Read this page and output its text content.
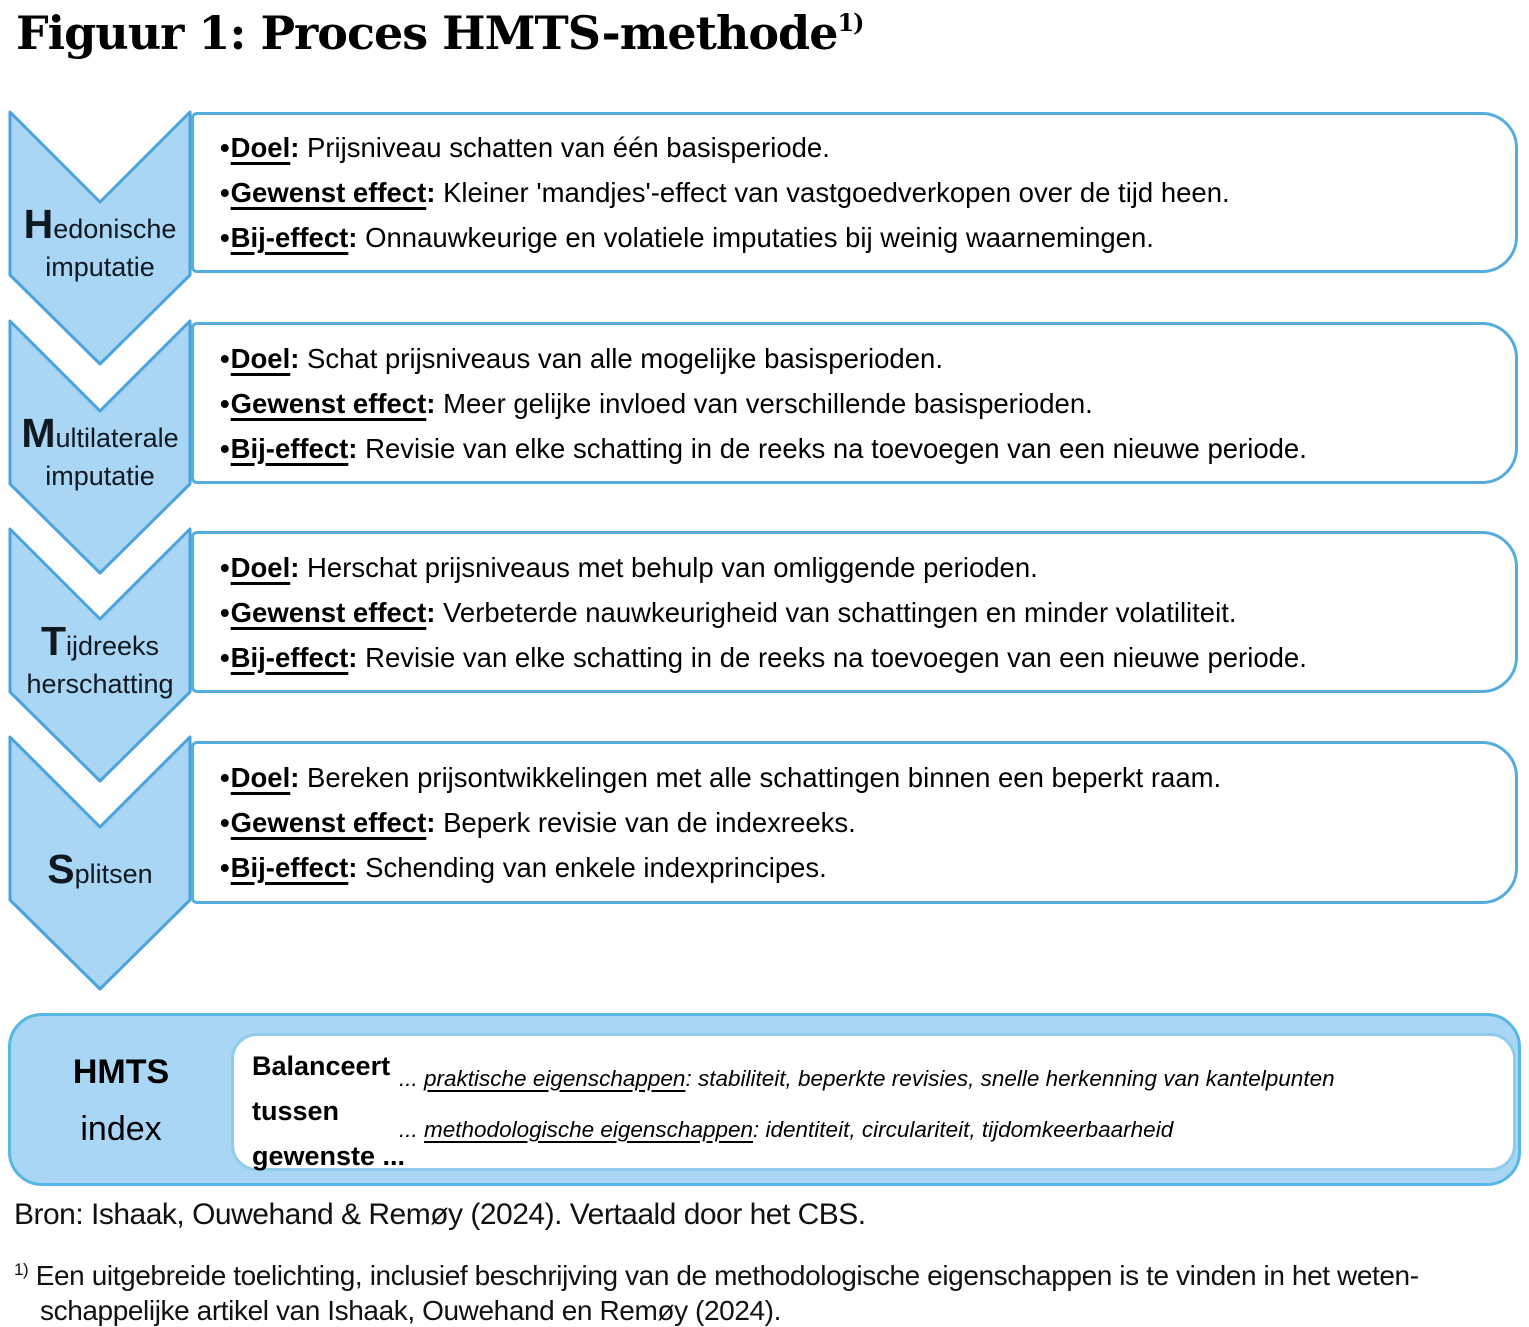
Figuur 1: Proces HMTS-methode$^{1)}$
Hedonische
imputatie
•Doel: Prijsniveau schatten van één basisperiode.
•Gewenst effect: Kleiner 'mandjes'-effect van vastgoedverkopen over de tijd heen.
•Bij-effect: Onnauwkeurige en volatiele imputaties bij weinig waarnemingen.
Multilaterale
imputatie
•Doel: Schat prijsniveaus van alle mogelijke basisperioden.
•Gewenst effect: Meer gelijke invloed van verschillende basisperioden.
•Bij-effect: Revisie van elke schatting in de reeks na toevoegen van een nieuwe periode.
Tijdreeks
herschatting
•Doel: Herschat prijsniveaus met behulp van omliggende perioden.
•Gewenst effect: Verbeterde nauwkeurigheid van schattingen en minder volatiliteit.
•Bij-effect: Revisie van elke schatting in de reeks na toevoegen van een nieuwe periode.
Splitsen
•Doel: Bereken prijsontwikkelingen met alle schattingen binnen een beperkt raam.
•Gewenst effect: Beperk revisie van de indexreeks.
•Bij-effect: Schending van enkele indexprincipes.
HMTS
index
Balanceert
tussen
gewenste ...
... praktische eigenschappen: stabiliteit, beperkte revisies, snelle herkenning van kantelpunten
... methodologische eigenschappen: identiteit, circulariteit, tijdomkeerbaarheid

Bron: Ishaak, Ouwehand & Remøy (2024). Vertaald door het CBS.

$^{1)}$ Een uitgebreide toelichting, inclusief beschrijving van de methodologische eigenschappen is te vinden in het weten-
schappelijke artikel van Ishaak, Ouwehand en Remøy (2024).
